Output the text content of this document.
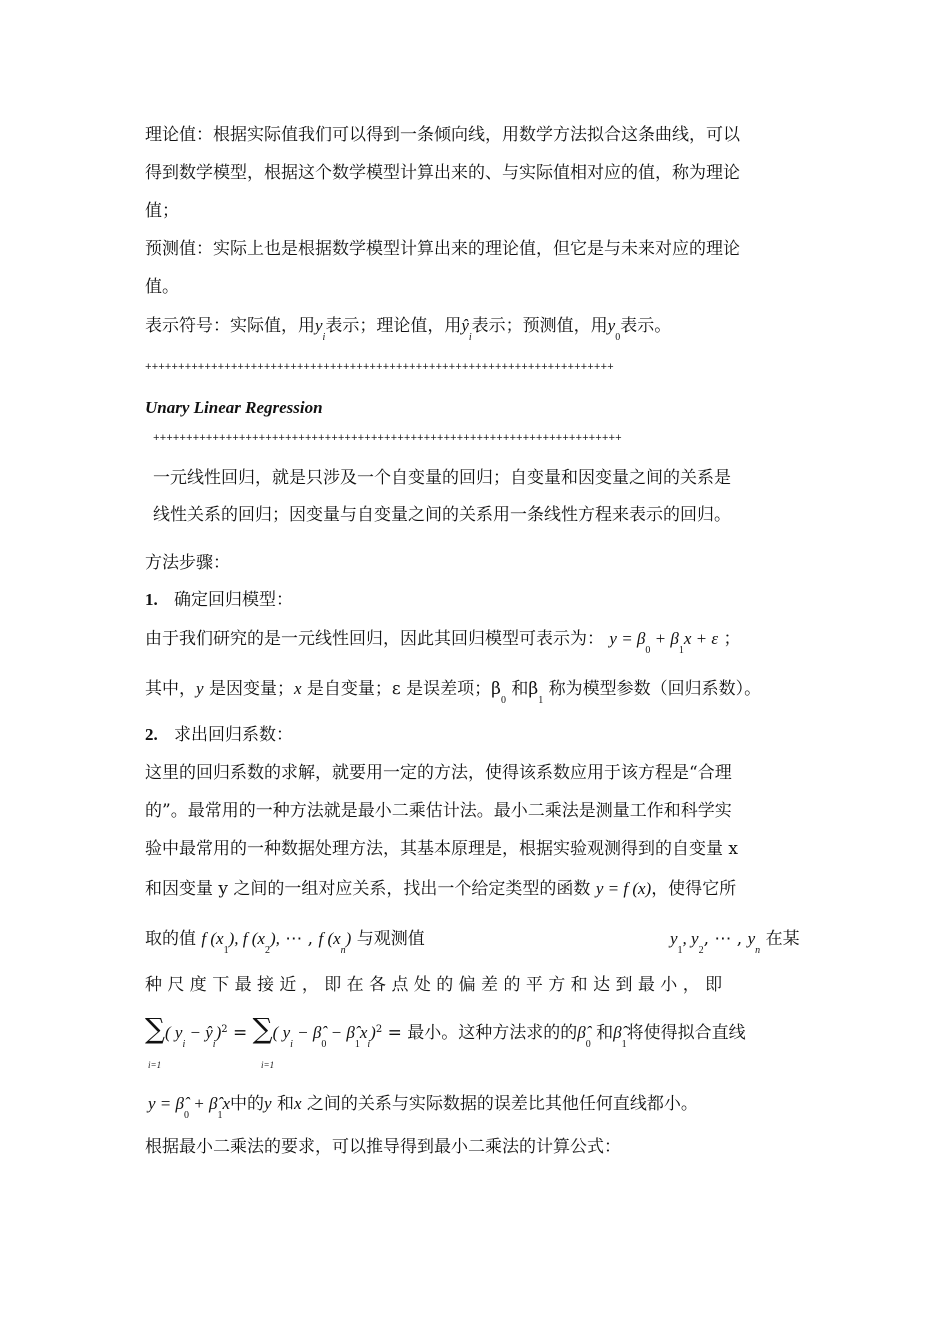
理论值：根据实际值我们可以得到一条倾向线，用数学方法拟合这条曲线，可以
得到数学模型，根据这个数学模型计算出来的、与实际值相对应的值，称为理论
值；
预测值：实际上也是根据数学模型计算出来的理论值，但它是与未来对应的理论
值。
表示符号：实际值，用$y_i$表示；理论值，用$ŷ_i$表示；预测值，用$y_0$表示。
+++++++++++++++++++++++++++++++++++++++++++++++++++++++++++++++++++++++
Unary Linear Regression
+++++++++++++++++++++++++++++++++++++++++++++++++++++++++++++++++++++++
一元线性回归，就是只涉及一个自变量的回归；自变量和因变量之间的关系是
线性关系的回归；因变量与自变量之间的关系用一条线性方程来表示的回归。
方法步骤：
1. 确定回归模型：
由于我们研究的是一元线性回归，因此其回归模型可表示为： $y = \beta_0 + \beta_1x + \varepsilon$ ；
其中，y 是因变量；x 是自变量；ε 是误差项；$\beta_0$ 和$\beta_1$ 称为模型参数（回归系数）。
2. 求出回归系数：
这里的回归系数的求解，就要用一定的方法，使得该系数应用于该方程是“合理
的”。最常用的一种方法就是最小二乘估计法。最小二乘法是测量工作和科学实
验中最常用的一种数据处理方法，其基本原理是，根据实验观测得到的自变量 x
和因变量 y 之间的一组对应关系，找出一个给定类型的函数 y = f (x)，使得它所
取的值 f $(x_1)$, f $(x_2)$, ⋯ , f $(x_n)$ 与观测值	$y_1$, $y_2$, ⋯ , $y_n$ 在某
种 尺 度 下 最 接 近 ， 即 在 各 点 处 的 偏 差 的 平 方 和 达 到 最 小 ， 即
∑( $y_i$ − $ŷ_i)^2$ = ∑( $y_i$ − $\betâ_0$ − $\betâ_1x_i)^2$ = 最小。这种方法求的的$\betâ_0$ 和$\betâ_1$将使得拟合直线
i=1	i=1
$y = \betâ_0$ + $\betâ_1x$中的y 和x 之间的关系与实际数据的误差比其他任何直线都小。
根据最小二乘法的要求，可以推导得到最小二乘法的计算公式：
